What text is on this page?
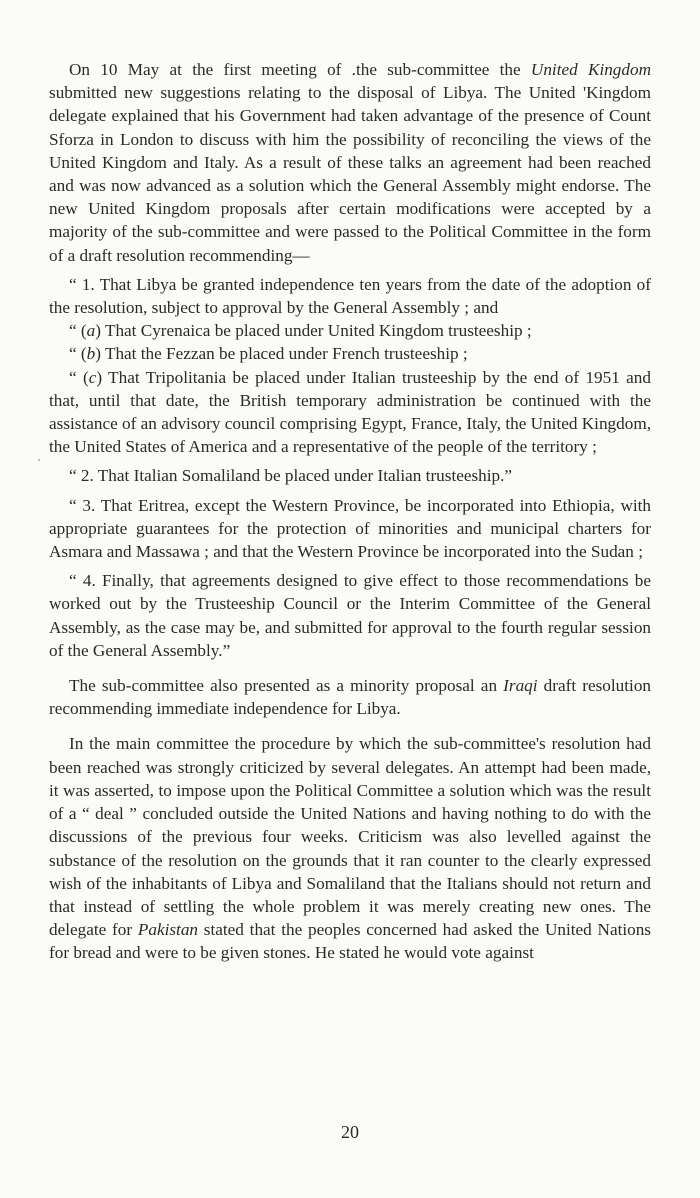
On 10 May at the first meeting of .the sub-committee the United Kingdom submitted new suggestions relating to the disposal of Libya. The United 'Kingdom delegate explained that his Government had taken advantage of the presence of Count Sforza in London to discuss with him the possibility of reconciling the views of the United Kingdom and Italy. As a result of these talks an agreement had been reached and was now advanced as a solution which the General Assembly might endorse. The new United Kingdom proposals after certain modifications were accepted by a majority of the sub-committee and were passed to the Political Committee in the form of a draft resolution recommending—

“ 1. That Libya be granted independence ten years from the date of the adoption of the resolution, subject to approval by the General Assembly ; and

“ (a) That Cyrenaica be placed under United Kingdom trusteeship ;

“ (b) That the Fezzan be placed under French trusteeship ;

“ (c) That Tripolitania be placed under Italian trusteeship by the end of 1951 and that, until that date, the British temporary administration be continued with the assistance of an advisory council comprising Egypt, France, Italy, the United Kingdom, the United States of America and a representative of the people of the territory ;

“ 2. That Italian Somaliland be placed under Italian trusteeship.”

“ 3. That Eritrea, except the Western Province, be incorporated into Ethiopia, with appropriate guarantees for the protection of minorities and municipal charters for Asmara and Massawa ; and that the Western Province be incorporated into the Sudan ;

“ 4. Finally, that agreements designed to give effect to those recommendations be worked out by the Trusteeship Council or the Interim Committee of the General Assembly, as the case may be, and submitted for approval to the fourth regular session of the General Assembly.”

The sub-committee also presented as a minority proposal an Iraqi draft resolution recommending immediate independence for Libya.

In the main committee the procedure by which the sub-committee's resolution had been reached was strongly criticized by several delegates. An attempt had been made, it was asserted, to impose upon the Political Committee a solution which was the result of a “ deal ” concluded outside the United Nations and having nothing to do with the discussions of the previous four weeks. Criticism was also levelled against the substance of the resolution on the grounds that it ran counter to the clearly expressed wish of the inhabitants of Libya and Somaliland that the Italians should not return and that instead of settling the whole problem it was merely creating new ones. The delegate for Pakistan stated that the peoples concerned had asked the United Nations for bread and were to be given stones. He stated he would vote against

20
